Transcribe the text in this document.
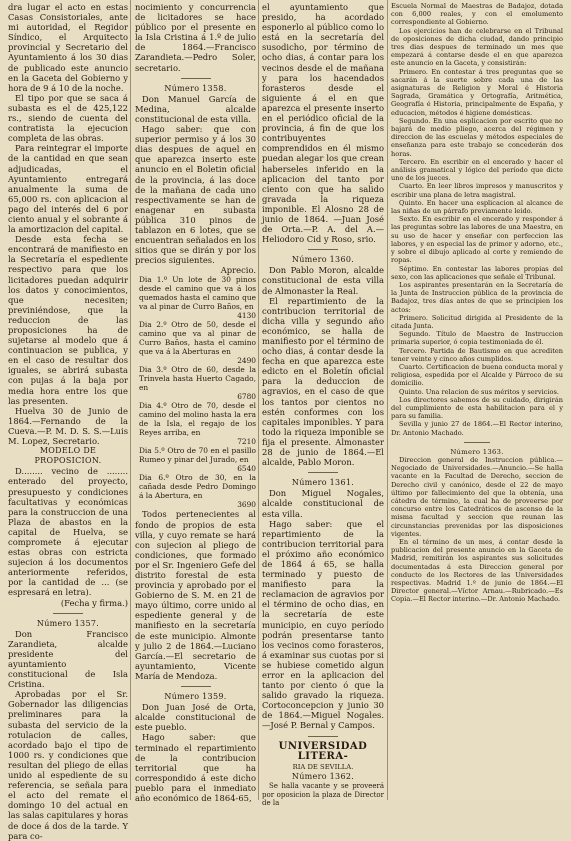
dra lugar el acto en estas Casas Consistoriales, ante mi autoridad, el Regidor Síndico, el Arquitecto provincial y Secretario del Ayuntamiento á los 30 dias de publicado este anuncio en la Gaceta del Gobierno y hora de 9 á 10 de la noche.

El tipo por que se saca á subasta es el de 425,122 rs., siendo de cuenta del contratista la ejecucion completa de las obras.

Para reintegrar el importe de la cantidad en que sean adjudicadas, el Ayuntamiento entregará anualmente la suma de 65,000 rs. con aplicacion al pago del interés del 6 por ciento anual y el sobrante á la amortizacion del capital.

Desde esta fecha se encontrará de manifiesto en la Secretaría el espediente respectivo para que los licitadores puedan adquirir los datos y conocimientos, que necesiten; previniéndose, que la reduccion de las proposiciones ha de sujetarse al modelo que á continuacion se publica, y en el caso de resultar dos iguales, se abrirá subasta con pujas á la baja por media hora entre los que las presenten.

Huelva 30 de Junio de 1864.—Fernando de la Cueva.—P. M. D. S. S.—Luis M. Lopez, Secretario.

MODELO DE PROPOSICION.

D........ vecino de ........ enterado del proyecto, presupuesto y condiciones facultativas y económicas para la construccion de una Plaza de abastos en la capital de Huelva, se compromete á ejecutar estas obras con estricta sujecion á los documentos anteriormente referidos, por la cantidad de ... (se espresará en letra).

(Fecha y firma.)

Número 1357.

Don Francisco Zarandieta, alcalde presidente del ayuntamiento constitucional de Isla Cristina.

Aprobadas por el Sr. Gobernador las diligencias preliminares para la subasta del servicio de la rotulacion de calles, acordado bajo el tipo de 1000 rs. y condiciones que resultan del pliego de ellas unido al espediente de su referencia, se señala para el acto del remate el domingo 10 del actual en las salas capitulares y horas de doce á dos de la tarde. Y para co-

nocimiento y concurrencia de licitadores se hace público por el presente en la Isla Cristina á 1.º de julio de 1864.—Francisco Zarandieta.—Pedro Soler, secretario.

Número 1358.

Don Manuel García de Medina, alcalde constitucional de esta villa.

Hago saber: que con superior permiso y á los 30 dias despues de aquel en que aparezca inserto este anuncio en el Boletin oficial de la provincia, á las doce de la mañana de cada uno respectivamente se han de enagenar en subasta pública 310 pinos de tablazon en 6 lotes, que se encuentran señalados en los sitios que se dirán y por los precios siguientes.

Aprecio.

Dia 1.º Un lote de 30 pinos desde el camino que va á los quemados hasta el camino que va al pinar de Curro Baños, en

4130

Dia 2.º Otro de 50, desde el camino que va al pinar de Curro Baños, hasta el camino que va á la Aberturas en

2490

Dia 3.º Otro de 60, desde la Trinvela hasta Huerto Cagado, en

6780

Dia 4.º Otro de 70, desde el camino del molino hasta la era de la Isla, el regajo de los Reyes arriba, en

7210

Dia 5.º Otro de 70 en el pasillo Rumeo y pinar del Jurado, en

6540

Dia 6.º Otro de 30, en la cañada desde Pedro Domingo á la Abertura, en

3690

Todos pertenecientes al fondo de propios de esta villa, y cuyo remate se hará con sujecion al pliego de condiciones, que formado por el Sr. Ingeniero Gefe del distrito forestal de esta provincia y aprobado por el Gobierno de S. M. en 21 de mayo último, corre unido al espediente general y de manifiesto en la secretaría de este municipio. Almonte y julio 2 de 1864.—Luciano García.—El secretario de ayuntamiento, Vicente María de Mendoza.

Número 1359.

Don Juan José de Orta, alcalde constitucional de este pueblo.

Hago saber: que terminado el repartimiento de la contribucion territorial que ha correspondido á este dicho pueblo para el inmediato año económico de 1864-65,

el ayuntamiento que presido, ha acordado esponerlo al público como lo está en la secretaría del susodicho, por término de ocho dias, á contar para los vecinos desde el de mañana y para los hacendados forasteros desde el siguiente á el en que aparezca el presente inserto en el periódico oficial de la provincia, á fin de que los contribuyentes comprendidos en él mismo puedan alegar los que crean haberseles inferido en la aplicacion del tanto por ciento con que ha salido gravada la riqueza imponible. El Alosno 28 de junio de 1864. —Juan José de Orta.—P. A. del A.—Heliodoro Cid y Roso, srio.

Número 1360.

Don Pablo Moron, alcalde constitucional de esta villa de Almonaster la Real.

El repartimiento de la contribucion territorial de dicha villa y segundo año económico, se halla de manifiesto por el término de ocho dias, á contar desde la fecha en que aparezca este edicto en el Boletín oficial para la deduccion de agravios, en el caso de que los tantos por cientos no estén conformes con los capitales imponibles. Y para todo la riqueza imponible se fija el presente. Almonaster 28 de junio de 1864.—El alcalde, Pablo Moron.

Número 1361.

Don Miguel Nogales, alcalde constitucional de esta villa.

Hago saber: que el repartimiento de la contribucion territorial para el próximo año económico de 1864 á 65, se halla terminado y puesto de manifiesto para la reclamacion de agravios por el término de ocho dias, en la secretaría de este municipio, en cuyo período podrán presentarse tanto los vecinos como forasteros, á examinar sus cuotas por si se hubiese cometido algun error en la aplicacion del tanto por ciento ó que la salido gravado la riqueza. Cortoconcepcion y junio 30 de 1864.—Miguel Nogales.—José P. Bernal y Campos.

UNIVERSIDAD LITERA-

RIA DE SEVILLA.

Número 1362.

Se halla vacante y se proveerá por oposicion la plaza de Director de la

Escuela Normal de Maestras de Badajoz, dotada con 6,000 reales, y con el emolumento correspondiente al Gobierno.

Los ejercicios han de celebrarse en el Tribunal de oposiciones de dicha ciudad, dando principio tres dias despues de terminado un mes que empezará á contarse desde el en que aparezca este anuncio en la Gaceta, y consistirán:

Primero. En contestar á tres preguntas que se sacarán á la suerte sobre cada una de las asignaturas de Religion y Moral é Historia Sagrada, Gramática y Ortografía, Aritmética, Geografía é Historia, principalmente de España, y educacion, métodos é higiene domésticas.

Segundo. En una esplicacion por escrito que no bajará de medio pliego, acerca del régimen y direccion de las escuelas y métodos especiales de enseñanza para este trabajo se concederán dos horas.

Tercero. En escribir en el encerado y hacer el análisis gramatical y lógico del período que dicte uno de los jueces.

Cuarto. En leer libros impresos y manuscritos y escribir una plana de letra magistral.

Quinto. En hacer una esplicacion al alcance de las niñas de un párrafo previamente leido.

Sexto. En escribir en el encerado y responder á las preguntas sobre las labores de una Maestra, en su uso de hacer y enseñar con perfeccion las labores, y en especial las de primor y adorno, etc., y sobre el dibujo aplicado al corte y remiendo de ropas.

Séptimo. En contestar las labores propias del sexo, con las aplicaciones que señale el Tribunal.

Los aspirantes presentarán en la Secretaría de la Junta de Instruccion pública de la provincia de Badajoz, tres días antes de que se principien los actos:

Primero. Solicitud dirigida al Presidente de la citada Junta.

Segundo. Título de Maestra de Instruccion primaria superior, ó copia testimoniada de él.

Tercero. Partida de Bautismo en que acrediten tener veinte y cinco años cumplidos.

Cuarto. Certificacion de buena conducta moral y religiosa, espedida por el Alcalde y Párroco de su domicilio.

Quinto. Una relacion de sus méritos y servicios.

Los directores sabemos de su cuidado, dirigirán del cumplimiento de esta habilitacion para el y para su familia.

Sevilla y junio 27 de 1864.—El Rector interino, Dr. Antonio Machado.

Número 1363.

Direccion general de Instruccion pública.—Negociado de Universidades.—Anuncio.—Se halla vacante en la Facultad de Derecho, seccion de Derecho civil y canónico, desde el 22 de mayo último por fallecimiento del que la obtenía, una cátedra de término, la cual ha de proveerse por concurso entre los Catedráticos de ascenso de la misma facultad y seccion que reunan las circunstancias prevenidas por las disposiciones vigentes.

En el término de un mes, á contar desde la publicacion del presente anuncio en la Gaceta de Madrid, remitirán los aspirantes sus solicitudes documentadas á esta Direccion general por conducto de los Rectores de las Universidades respectivas. Madrid 1.º de junio de 1864.—El Director general.—Víctor Arnau.—Rubricado.—Es Copia.—El Rector interino.—Dr. Antonio Machado.
